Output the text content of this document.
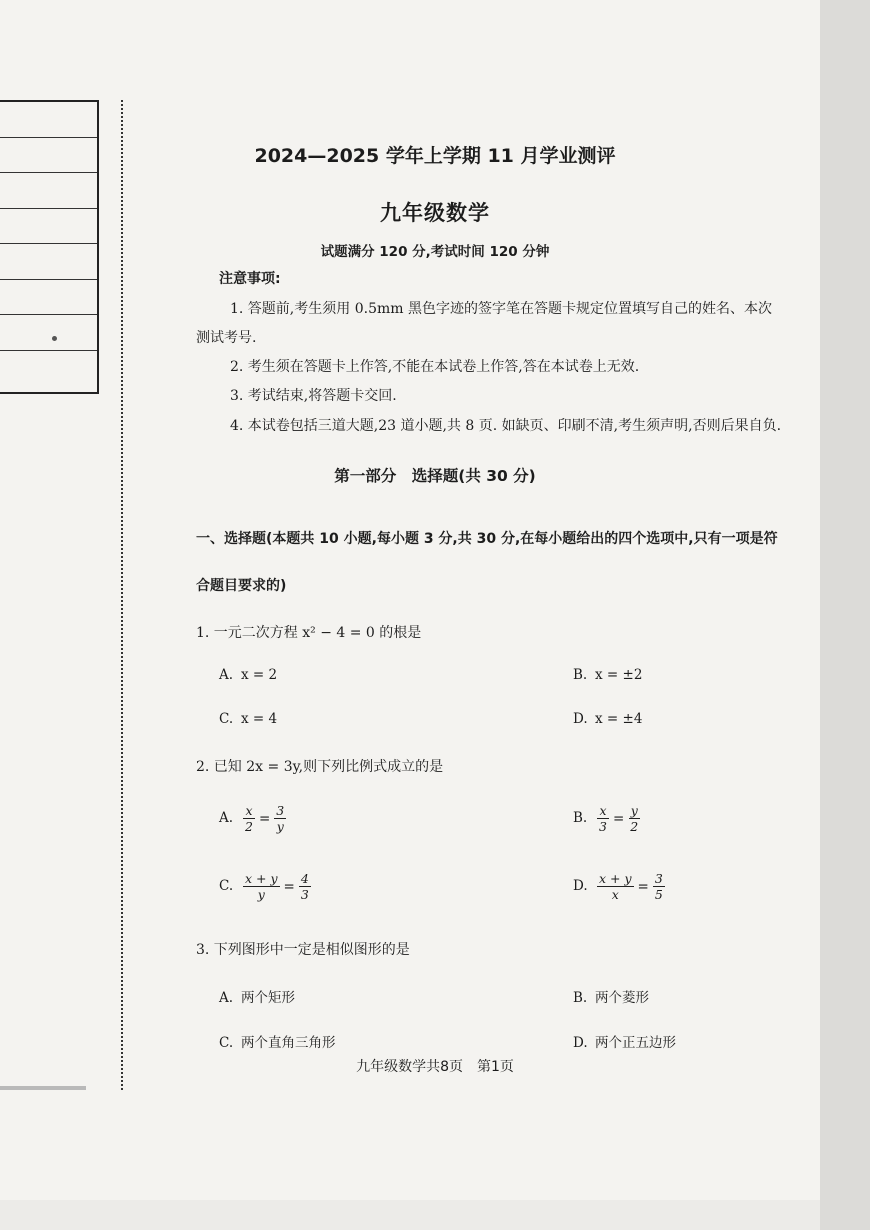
2024—2025 学年上学期 11 月学业测评
九年级数学
试题满分 120 分,考试时间 120 分钟
注意事项:
1. 答题前,考生须用 0.5mm 黑色字迹的签字笔在答题卡规定位置填写自己的姓名、本次
测试考号.
2. 考生须在答题卡上作答,不能在本试卷上作答,答在本试卷上无效.
3. 考试结束,将答题卡交回.
4. 本试卷包括三道大题,23 道小题,共 8 页. 如缺页、印刷不清,考生须声明,否则后果自负.
第一部分　选择题(共 30 分)
一、选择题(本题共 10 小题,每小题 3 分,共 30 分,在每小题给出的四个选项中,只有一项是符
合题目要求的)
1. 一元二次方程 x² − 4 = 0 的根是
A. x = 2	B. x = ±2
C. x = 4	D. x = ±4
2. 已知 2x = 3y,则下列比例式成立的是
A. $\frac{x}{2} = \frac{3}{y}$	B. $\frac{x}{3} = \frac{y}{2}$
C. $\frac{x + y}{y} = \frac{4}{3}$	D. $\frac{x + y}{x} = \frac{3}{5}$
3. 下列图形中一定是相似图形的是
A. 两个矩形	B. 两个菱形
C. 两个直角三角形	D. 两个正五边形
九年级数学共8页　第1页
